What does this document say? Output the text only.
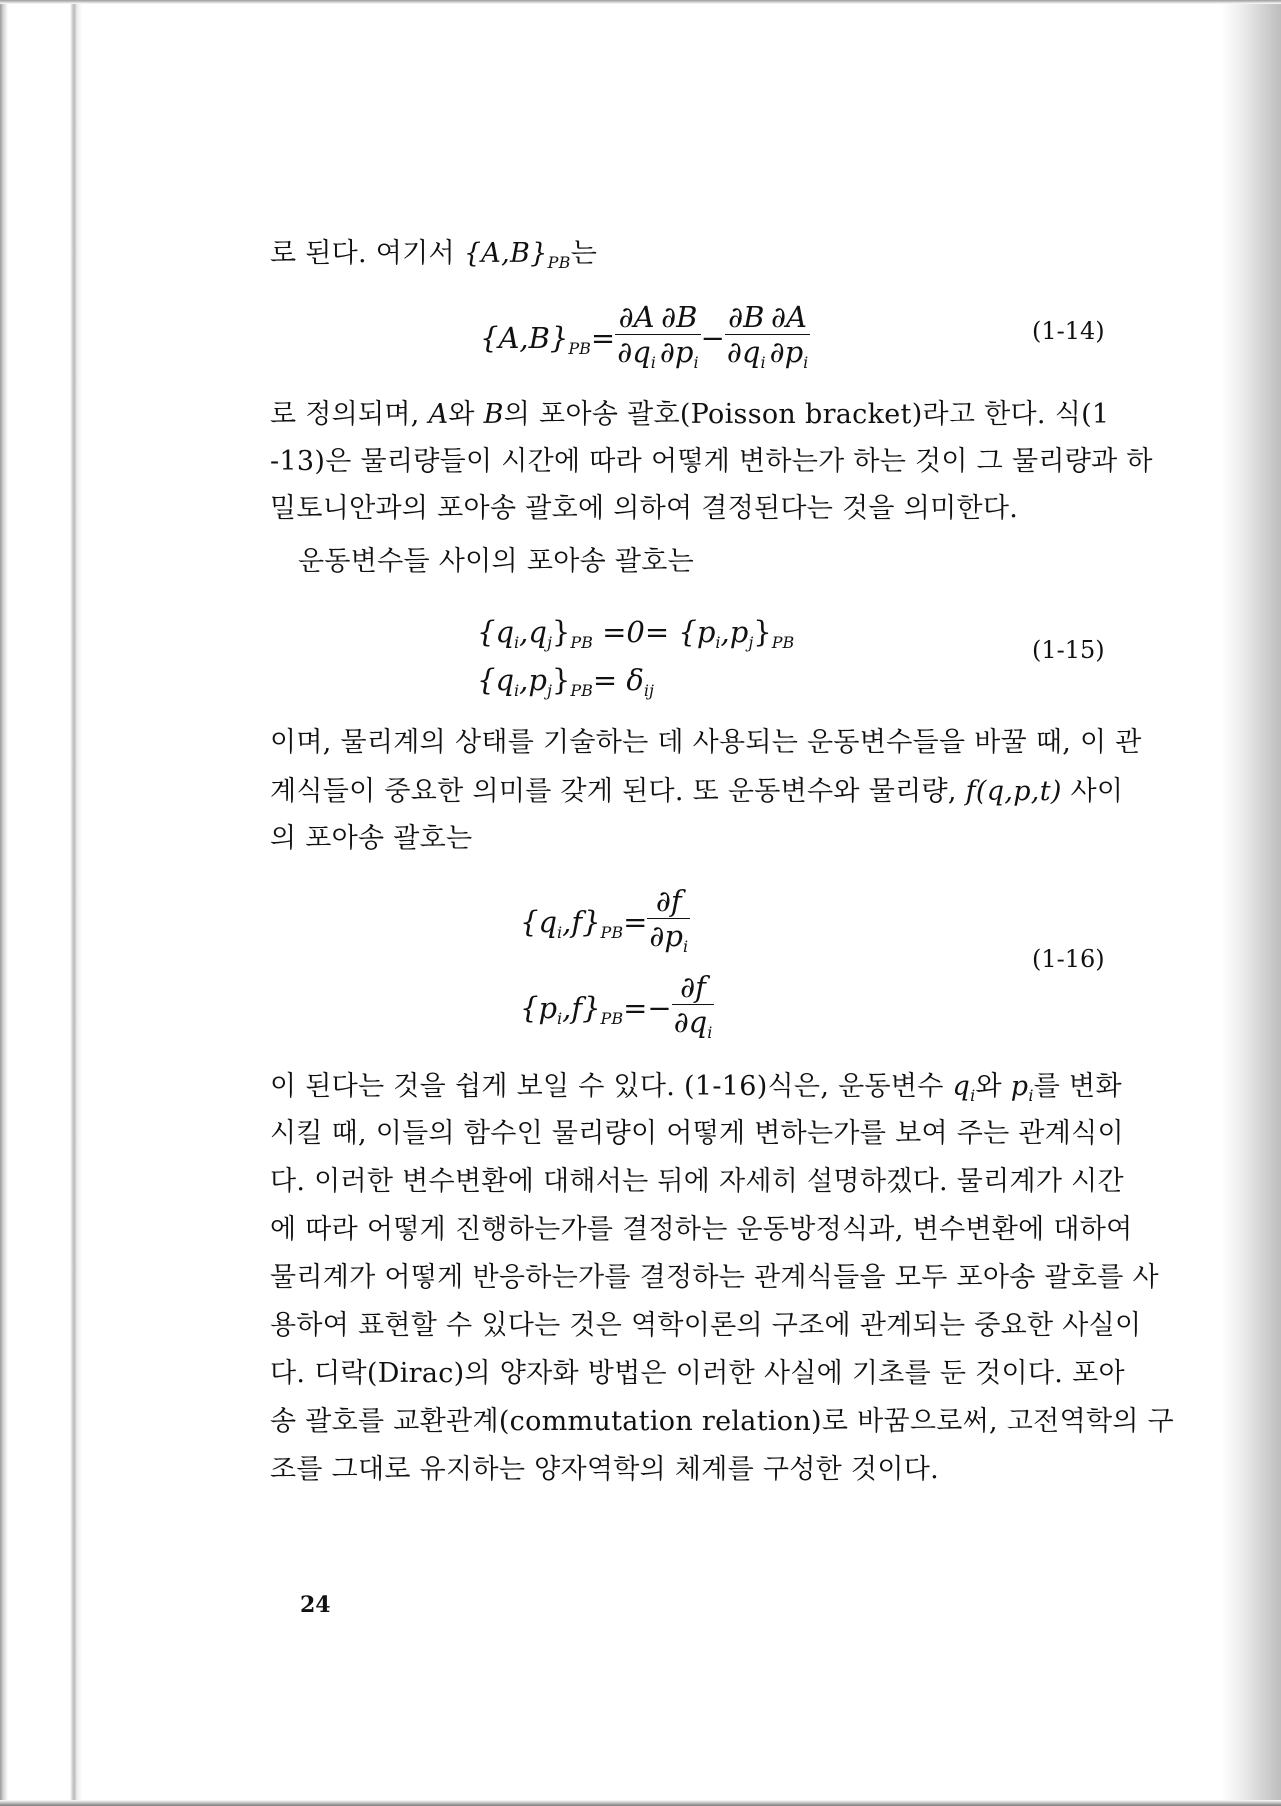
로 된다. 여기서 $\{A,B\}_{PB}$는
$\{A,B\}_{PB}= \frac{\partial A}{\partial q_i} \frac{\partial B}{\partial p_i} - \frac{\partial B}{\partial q_i} \frac{\partial A}{\partial p_i}$	(1-14)
로 정의되며, A와 B의 포아송 괄호(Poisson bracket)라고 한다. 식(1
-13)은 물리량들이 시간에 따라 어떻게 변하는가 하는 것이 그 물리량과 하
밀토니안과의 포아송 괄호에 의하여 결정된다는 것을 의미한다.
운동변수들 사이의 포아송 괄호는
$\{q_i,q_j\}_{PB} =0= \{p_i,p_j\}_{PB}$
$\{q_i,p_j\}_{PB}= \delta_{ij}$
(1-15)
이며, 물리계의 상태를 기술하는 데 사용되는 운동변수들을 바꿀 때, 이 관
계식들이 중요한 의미를 갖게 된다. 또 운동변수와 물리량, f(q,p,t) 사이
의 포아송 괄호는
$\{q_i,f\}_{PB}= \frac{\partial f}{\partial p_i}$
$\{p_i,f\}_{PB}=- \frac{\partial f}{\partial q_i}$
(1-16)
이 된다는 것을 쉽게 보일 수 있다. (1-16)식은, 운동변수 $q_i$와 $p_i$를 변화
시킬 때, 이들의 함수인 물리량이 어떻게 변하는가를 보여 주는 관계식이
다. 이러한 변수변환에 대해서는 뒤에 자세히 설명하겠다. 물리계가 시간
에 따라 어떻게 진행하는가를 결정하는 운동방정식과, 변수변환에 대하여
물리계가 어떻게 반응하는가를 결정하는 관계식들을 모두 포아송 괄호를 사
용하여 표현할 수 있다는 것은 역학이론의 구조에 관계되는 중요한 사실이
다. 디락(Dirac)의 양자화 방법은 이러한 사실에 기초를 둔 것이다. 포아
송 괄호를 교환관계(commutation relation)로 바꿈으로써, 고전역학의 구
조를 그대로 유지하는 양자역학의 체계를 구성한 것이다.
24
